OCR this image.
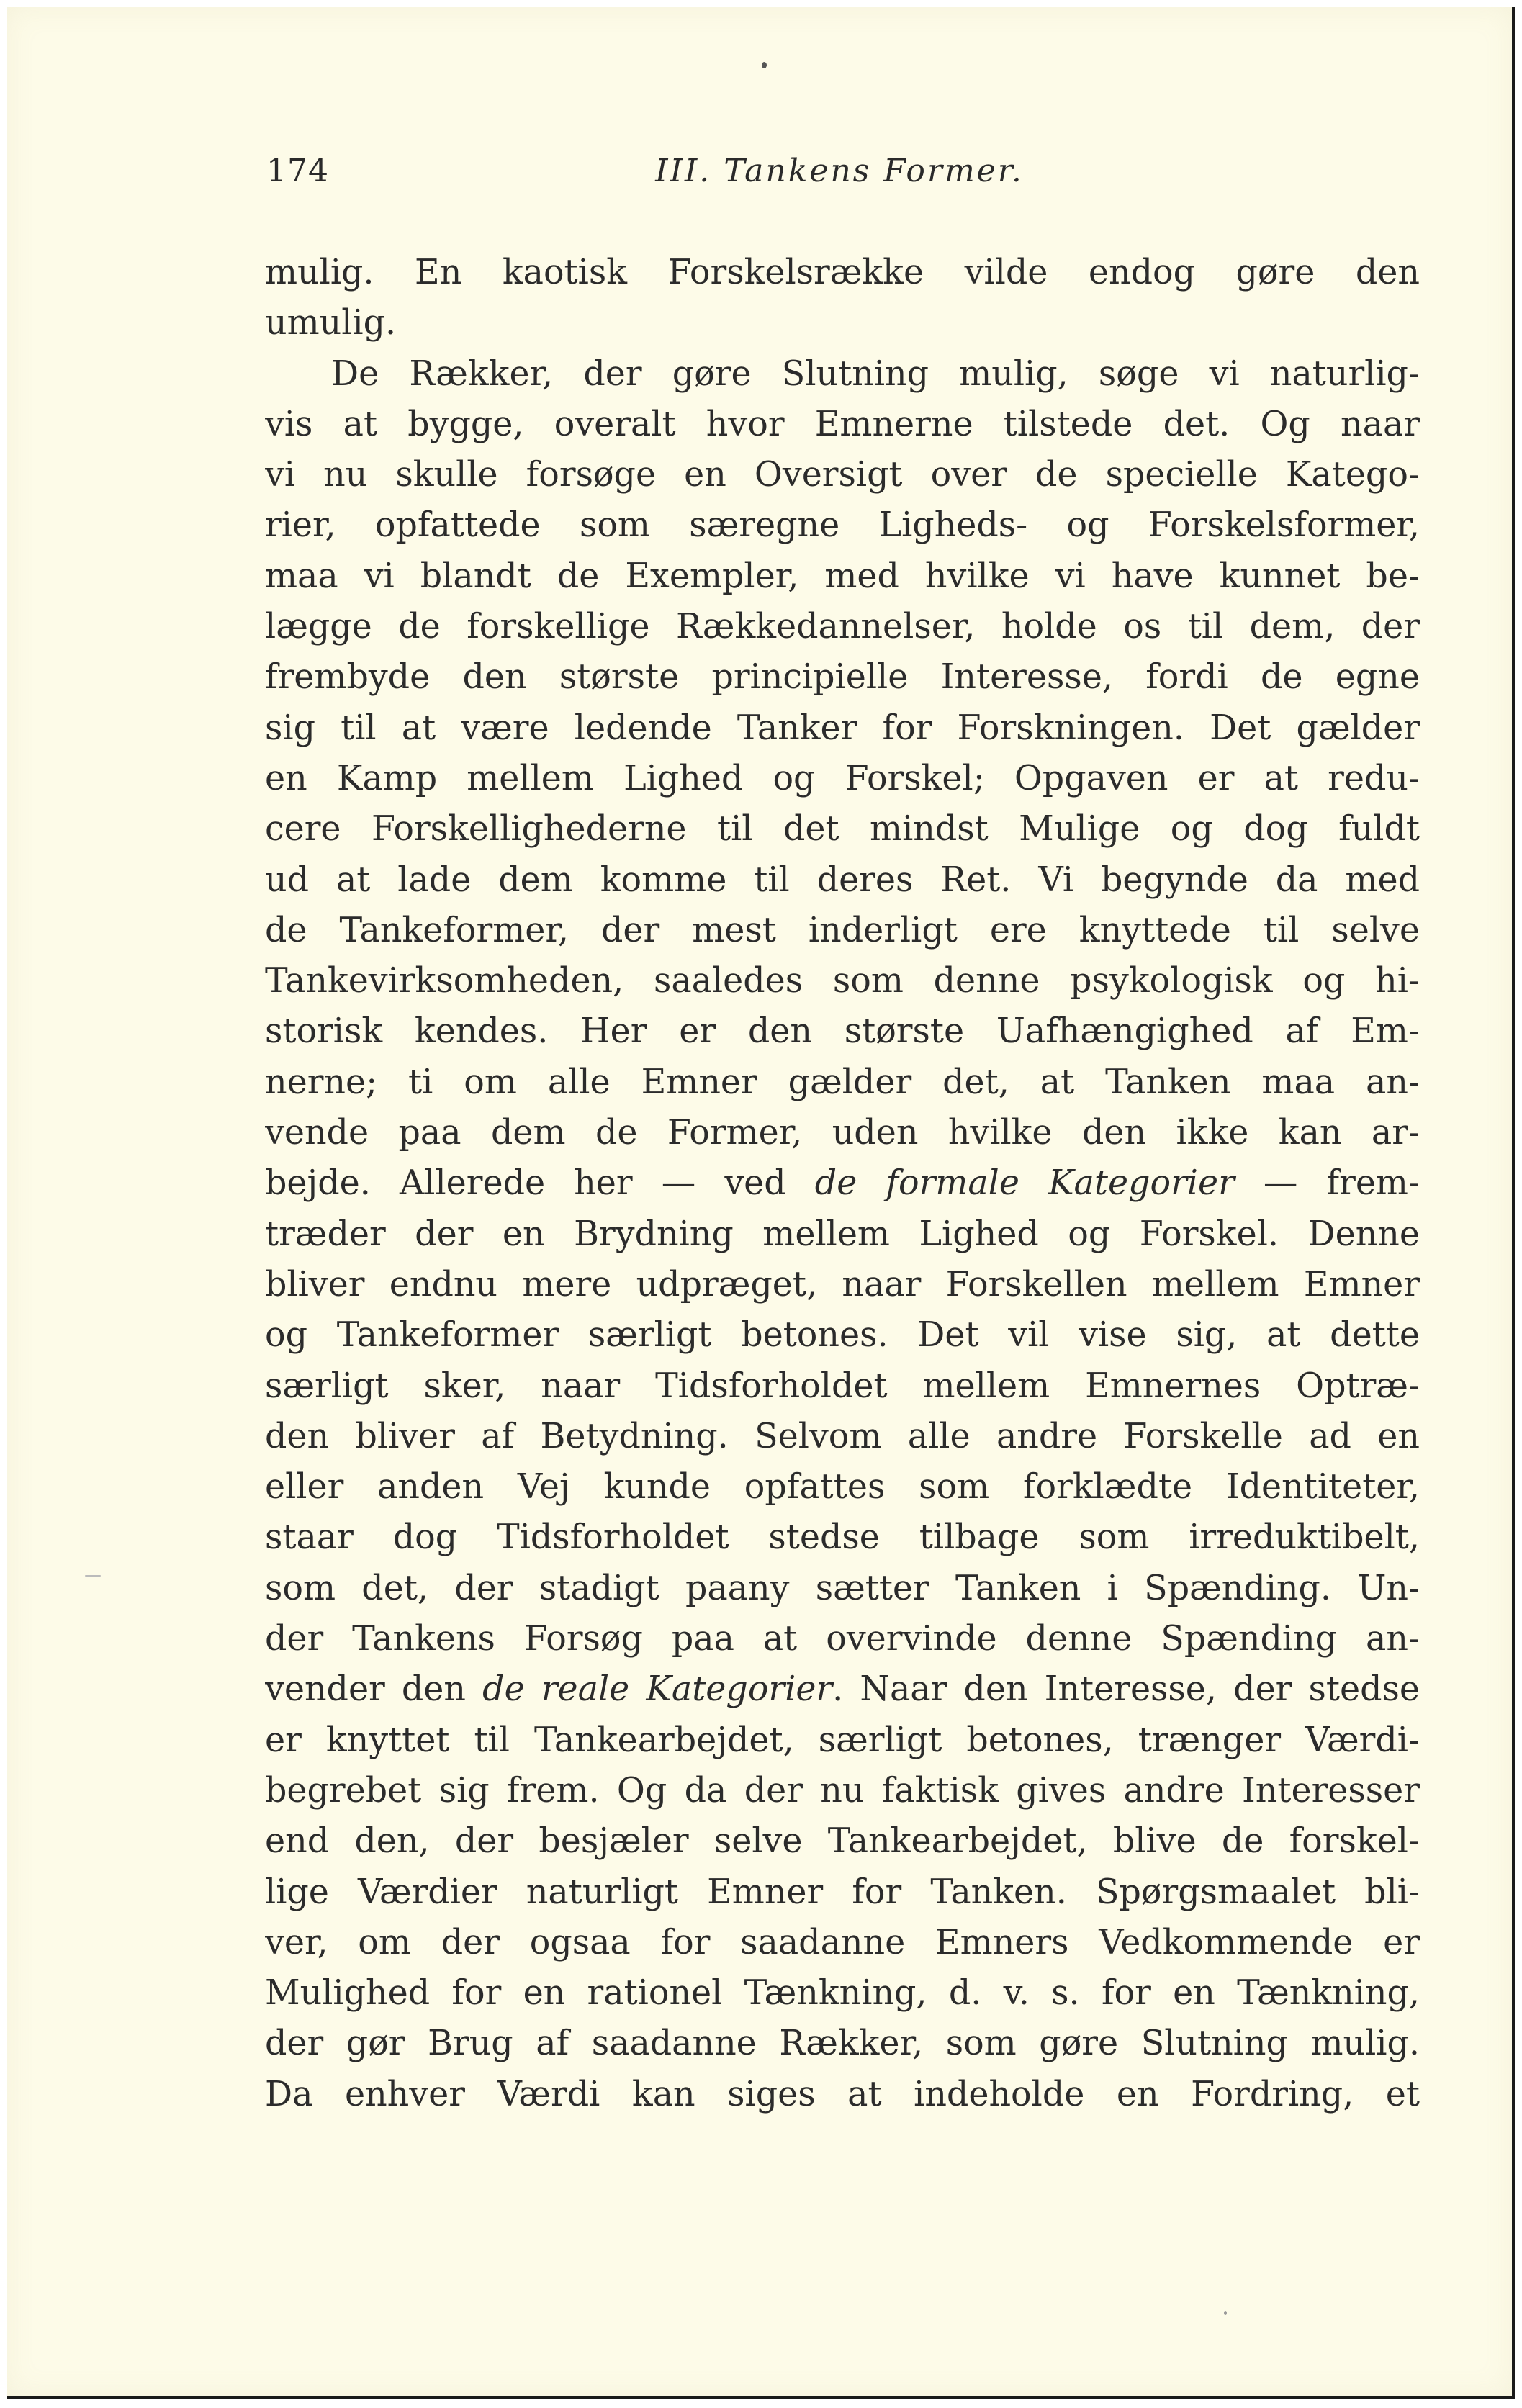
174	III. Tankens Former.
mulig. En kaotisk Forskelsrække vilde endog gøre den
umulig.
De Rækker, der gøre Slutning mulig, søge vi naturlig-
vis at bygge, overalt hvor Emnerne tilstede det. Og naar
vi nu skulle forsøge en Oversigt over de specielle Katego-
rier, opfattede som særegne Ligheds- og Forskelsformer,
maa vi blandt de Exempler, med hvilke vi have kunnet be-
lægge de forskellige Rækkedannelser, holde os til dem, der
frembyde den største principielle Interesse, fordi de egne
sig til at være ledende Tanker for Forskningen. Det gælder
en Kamp mellem Lighed og Forskel; Opgaven er at redu-
cere Forskellighederne til det mindst Mulige og dog fuldt
ud at lade dem komme til deres Ret. Vi begynde da med
de Tankeformer, der mest inderligt ere knyttede til selve
Tankevirksomheden, saaledes som denne psykologisk og hi-
storisk kendes. Her er den største Uafhængighed af Em-
nerne; ti om alle Emner gælder det, at Tanken maa an-
vende paa dem de Former, uden hvilke den ikke kan ar-
bejde. Allerede her — ved de formale Kategorier — frem-
træder der en Brydning mellem Lighed og Forskel. Denne
bliver endnu mere udpræget, naar Forskellen mellem Emner
og Tankeformer særligt betones. Det vil vise sig, at dette
særligt sker, naar Tidsforholdet mellem Emnernes Optræ-
den bliver af Betydning. Selvom alle andre Forskelle ad en
eller anden Vej kunde opfattes som forklædte Identiteter,
staar dog Tidsforholdet stedse tilbage som irreduktibelt,
som det, der stadigt paany sætter Tanken i Spænding. Un-
der Tankens Forsøg paa at overvinde denne Spænding an-
vender den de reale Kategorier. Naar den Interesse, der stedse
er knyttet til Tankearbejdet, særligt betones, trænger Værdi-
begrebet sig frem. Og da der nu faktisk gives andre Interesser
end den, der besjæler selve Tankearbejdet, blive de forskel-
lige Værdier naturligt Emner for Tanken. Spørgsmaalet bli-
ver, om der ogsaa for saadanne Emners Vedkommende er
Mulighed for en rationel Tænkning, d. v. s. for en Tænkning,
der gør Brug af saadanne Rækker, som gøre Slutning mulig.
Da enhver Værdi kan siges at indeholde en Fordring, et
